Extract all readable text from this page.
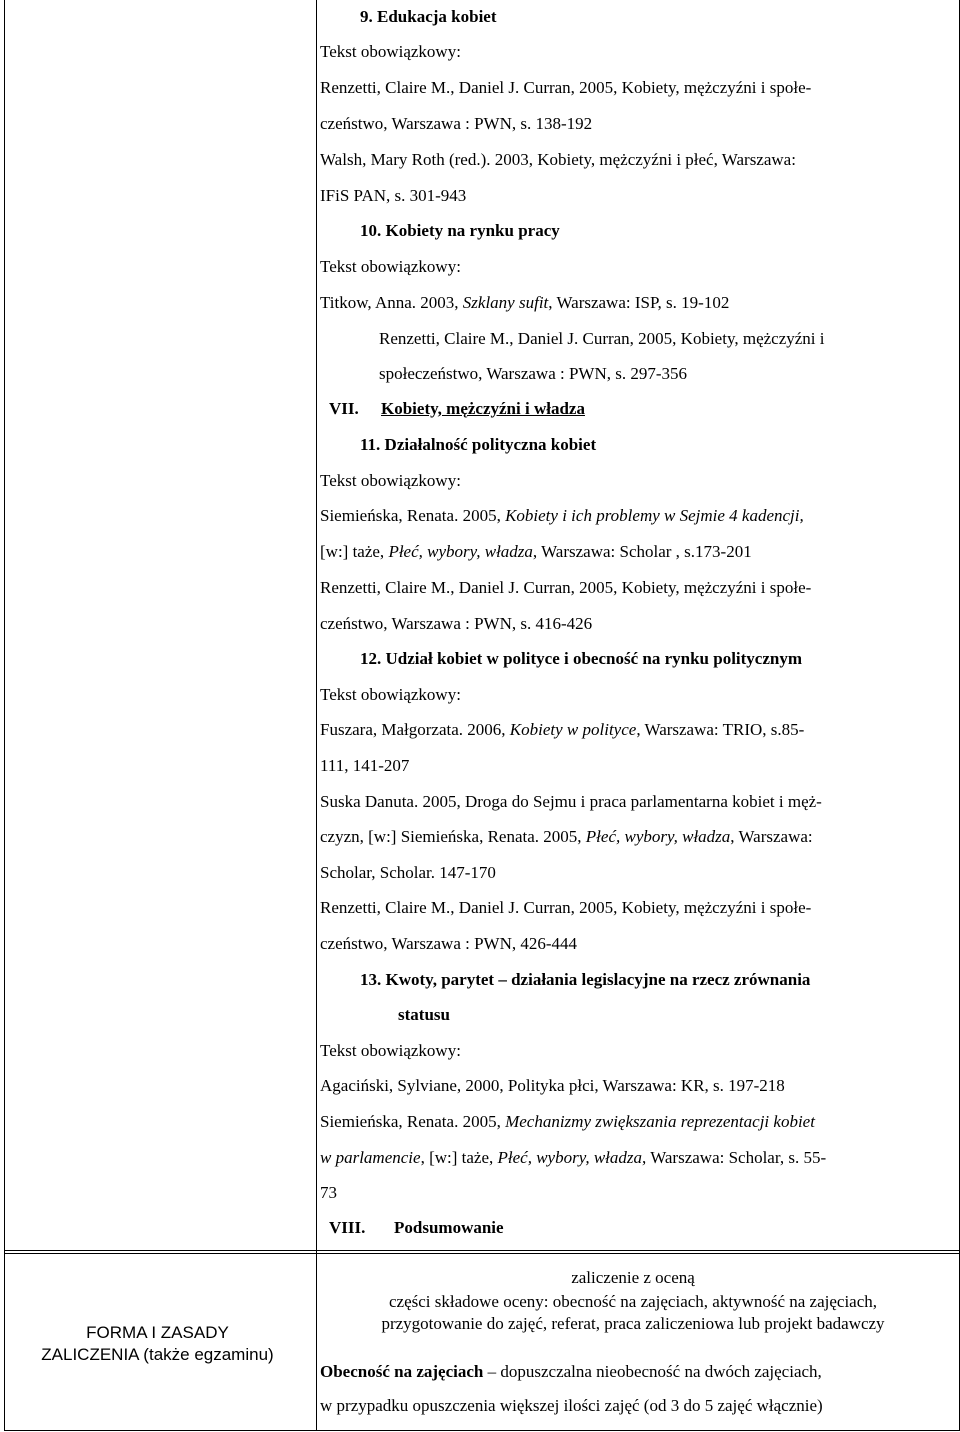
9. Edukacja kobiet
Tekst obowiązkowy:
Renzetti, Claire M., Daniel J. Curran, 2005, Kobiety, mężczyźni i społe-
czeństwo, Warszawa : PWN, s. 138-192
Walsh, Mary Roth (red.). 2003, Kobiety, mężczyźni i płeć, Warszawa:
IFiS PAN, s. 301-943
10. Kobiety na rynku pracy
Tekst obowiązkowy:
Titkow, Anna. 2003, Szklany sufit, Warszawa: ISP, s. 19-102
Renzetti, Claire M., Daniel J. Curran, 2005, Kobiety, mężczyźni i
społeczeństwo, Warszawa : PWN, s. 297-356
VII. Kobiety, mężczyźni i władza
11. Działalność polityczna kobiet
Tekst obowiązkowy:
Siemieńska, Renata. 2005, Kobiety i ich problemy w Sejmie 4 kadencji,
[w:] taże, Płeć, wybory, władza, Warszawa: Scholar , s.173-201
Renzetti, Claire M., Daniel J. Curran, 2005, Kobiety, mężczyźni i społe-
czeństwo, Warszawa : PWN, s. 416-426
12. Udział kobiet w polityce i obecność na rynku politycznym
Tekst obowiązkowy:
Fuszara, Małgorzata. 2006, Kobiety w polityce, Warszawa: TRIO, s.85-
111, 141-207
Suska Danuta. 2005, Droga do Sejmu i praca parlamentarna kobiet i męż-
czyzn, [w:] Siemieńska, Renata. 2005, Płeć, wybory, władza, Warszawa:
Scholar, Scholar. 147-170
Renzetti, Claire M., Daniel J. Curran, 2005, Kobiety, mężczyźni i społe-
czeństwo, Warszawa : PWN, 426-444
13. Kwoty, parytet – działania legislacyjne na rzecz zrównania
statusu
Tekst obowiązkowy:
Agaciński, Sylviane, 2000, Polityka płci, Warszawa: KR, s. 197-218
Siemieńska, Renata. 2005, Mechanizmy zwiększania reprezentacji kobiet
w parlamencie, [w:] taże, Płeć, wybory, władza, Warszawa: Scholar, s. 55-
73
VIII. Podsumowanie
FORMA I ZASADY
ZALICZENIA (także egzaminu)
zaliczenie z oceną
części składowe oceny: obecność na zajęciach, aktywność na zajęciach,
przygotowanie do zajęć, referat, praca zaliczeniowa lub projekt badawczy
Obecność na zajęciach – dopuszczalna nieobecność na dwóch zajęciach,
w przypadku opuszczenia większej ilości zajęć (od 3 do 5 zajęć włącznie)
